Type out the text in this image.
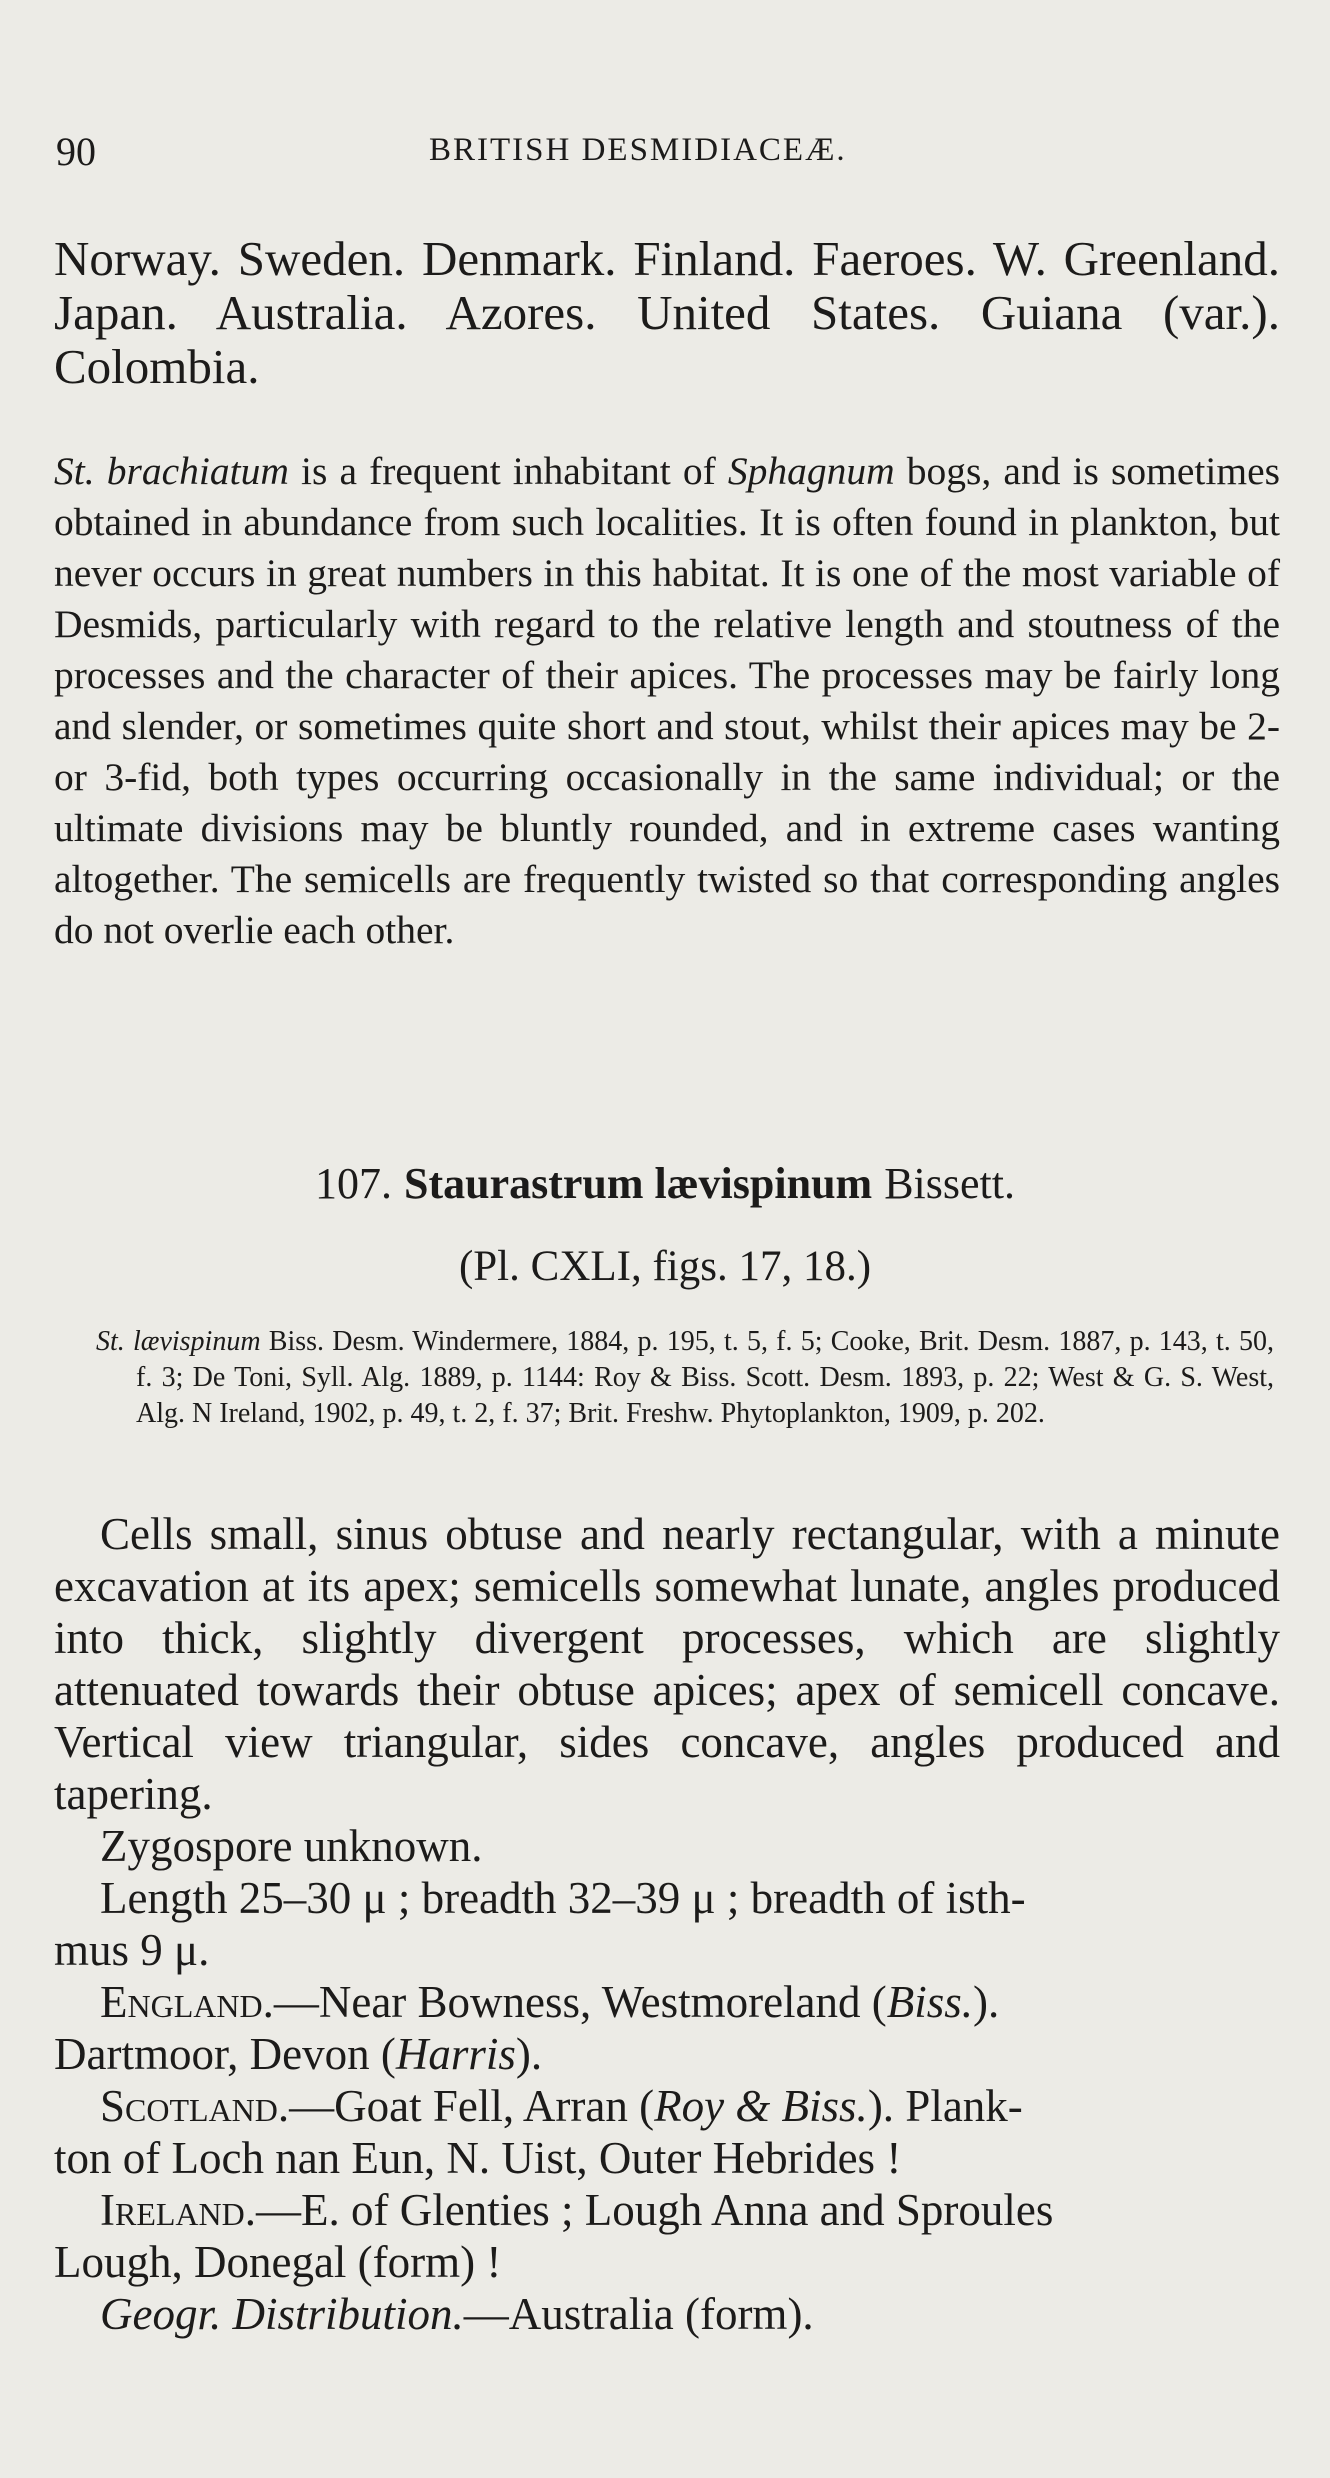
90	BRITISH DESMIDIACEÆ.
Norway. Sweden. Denmark. Finland. Faeroes. W. Greenland. Japan. Australia. Azores. United States. Guiana (var.). Colombia.
St. brachiatum is a frequent inhabitant of Sphagnum bogs, and is sometimes obtained in abundance from such localities. It is often found in plankton, but never occurs in great numbers in this habitat. It is one of the most variable of Desmids, particularly with regard to the relative length and stoutness of the processes and the character of their apices. The processes may be fairly long and slender, or sometimes quite short and stout, whilst their apices may be 2- or 3-fid, both types occurring occasionally in the same individual; or the ultimate divisions may be bluntly rounded, and in extreme cases wanting altogether. The semicells are frequently twisted so that corresponding angles do not overlie each other.
107. Staurastrum lævispinum Bissett.
(Pl. CXLI, figs. 17, 18.)
St. lævispinum Biss. Desm. Windermere, 1884, p. 195, t. 5, f. 5; Cooke, Brit. Desm. 1887, p. 143, t. 50, f. 3; De Toni, Syll. Alg. 1889, p. 1144: Roy & Biss. Scott. Desm. 1893, p. 22; West & G. S. West, Alg. N Ireland, 1902, p. 49, t. 2, f. 37; Brit. Freshw. Phytoplankton, 1909, p. 202.
Cells small, sinus obtuse and nearly rectangular, with a minute excavation at its apex; semicells somewhat lunate, angles produced into thick, slightly divergent processes, which are slightly attenuated towards their obtuse apices; apex of semicell concave. Vertical view triangular, sides concave, angles produced and tapering.
Zygospore unknown.
Length 25–30 μ ; breadth 32–39 μ ; breadth of isth-
mus 9 μ.
England.—Near Bowness, Westmoreland (Biss.).
Dartmoor, Devon (Harris).
Scotland.—Goat Fell, Arran (Roy & Biss.). Plank-
ton of Loch nan Eun, N. Uist, Outer Hebrides !
Ireland.—E. of Glenties ; Lough Anna and Sproules
Lough, Donegal (form) !
Geogr. Distribution.—Australia (form).
